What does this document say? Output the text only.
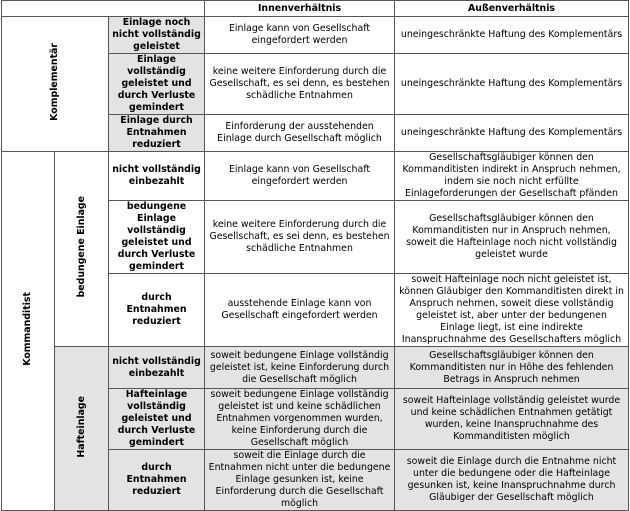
			Innenverhältnis	Außenverhältnis
Komplementär		Einlage noch nicht vollständig geleistet	Einlage kann von Gesellschaft eingefordert werden	uneingeschränkte Haftung des Komplementärs
		Einlage vollständig geleistet und durch Verluste gemindert	keine weitere Einforderung durch die Gesellschaft, es sei denn, es bestehen schädliche Entnahmen	uneingeschränkte Haftung des Komplementärs
		Einlage durch Entnahmen reduziert	Einforderung der ausstehenden Einlage durch Gesellschaft möglich	uneingeschränkte Haftung des Komplementärs
Kommanditist	bedungene Einlage	nicht vollständig einbezahlt	Einlage kann von Gesellschaft eingefordert werden	Gesellschaftsgläubiger können den Kommanditisten indirekt in Anspruch nehmen, indem sie noch nicht erfüllte Einlageforderungen der Gesellschaft pfänden
		bedungene Einlage vollständig geleistet und durch Verluste gemindert	keine weitere Einforderung durch die Gesellschaft, es sei denn, es bestehen schädliche Entnahmen	Gesellschaftsgläubiger können den Kommanditisten nur in Anspruch nehmen, soweit die Hafteinlage noch nicht vollständig geleistet wurde
		durch Entnahmen reduziert	ausstehende Einlage kann von Gesellschaft eingefordert werden	soweit Hafteinlage noch nicht geleistet ist, können Gläubiger den Kommanditisten direkt in Anspruch nehmen, soweit diese vollständig geleistet ist, aber unter der bedungenen Einlage liegt, ist eine indirekte Inanspruchnahme des Gesellschafters möglich
	Hafteinlage	nicht vollständig einbezahlt	soweit bedungene Einlage vollständig geleistet ist, keine Einforderung durch die Gesellschaft möglich	Gesellschaftsgläubiger können den Kommanditisten nur in Höhe des fehlenden Betrags in Anspruch nehmen
		Hafteinlage vollständig geleistet und durch Verluste gemindert	soweit bedungene Einlage vollständig geleistet ist und keine schädlichen Entnahmen vorgenommen wurden, keine Einforderung durch die Gesellschaft möglich	soweit Hafteinlage vollständig geleistet wurde und keine schädlichen Entnahmen getätigt wurden, keine Inanspruchnahme des Kommanditisten möglich
		durch Entnahmen reduziert	soweit die Einlage durch die Entnahmen nicht unter die bedungene Einlage gesunken ist, keine Einforderung durch die Gesellschaft möglich	soweit die Einlage durch die Entnahme nicht unter die bedungene oder die Hafteinlage gesunken ist, keine Inanspruchnahme durch Gläubiger der Gesellschaft möglich
